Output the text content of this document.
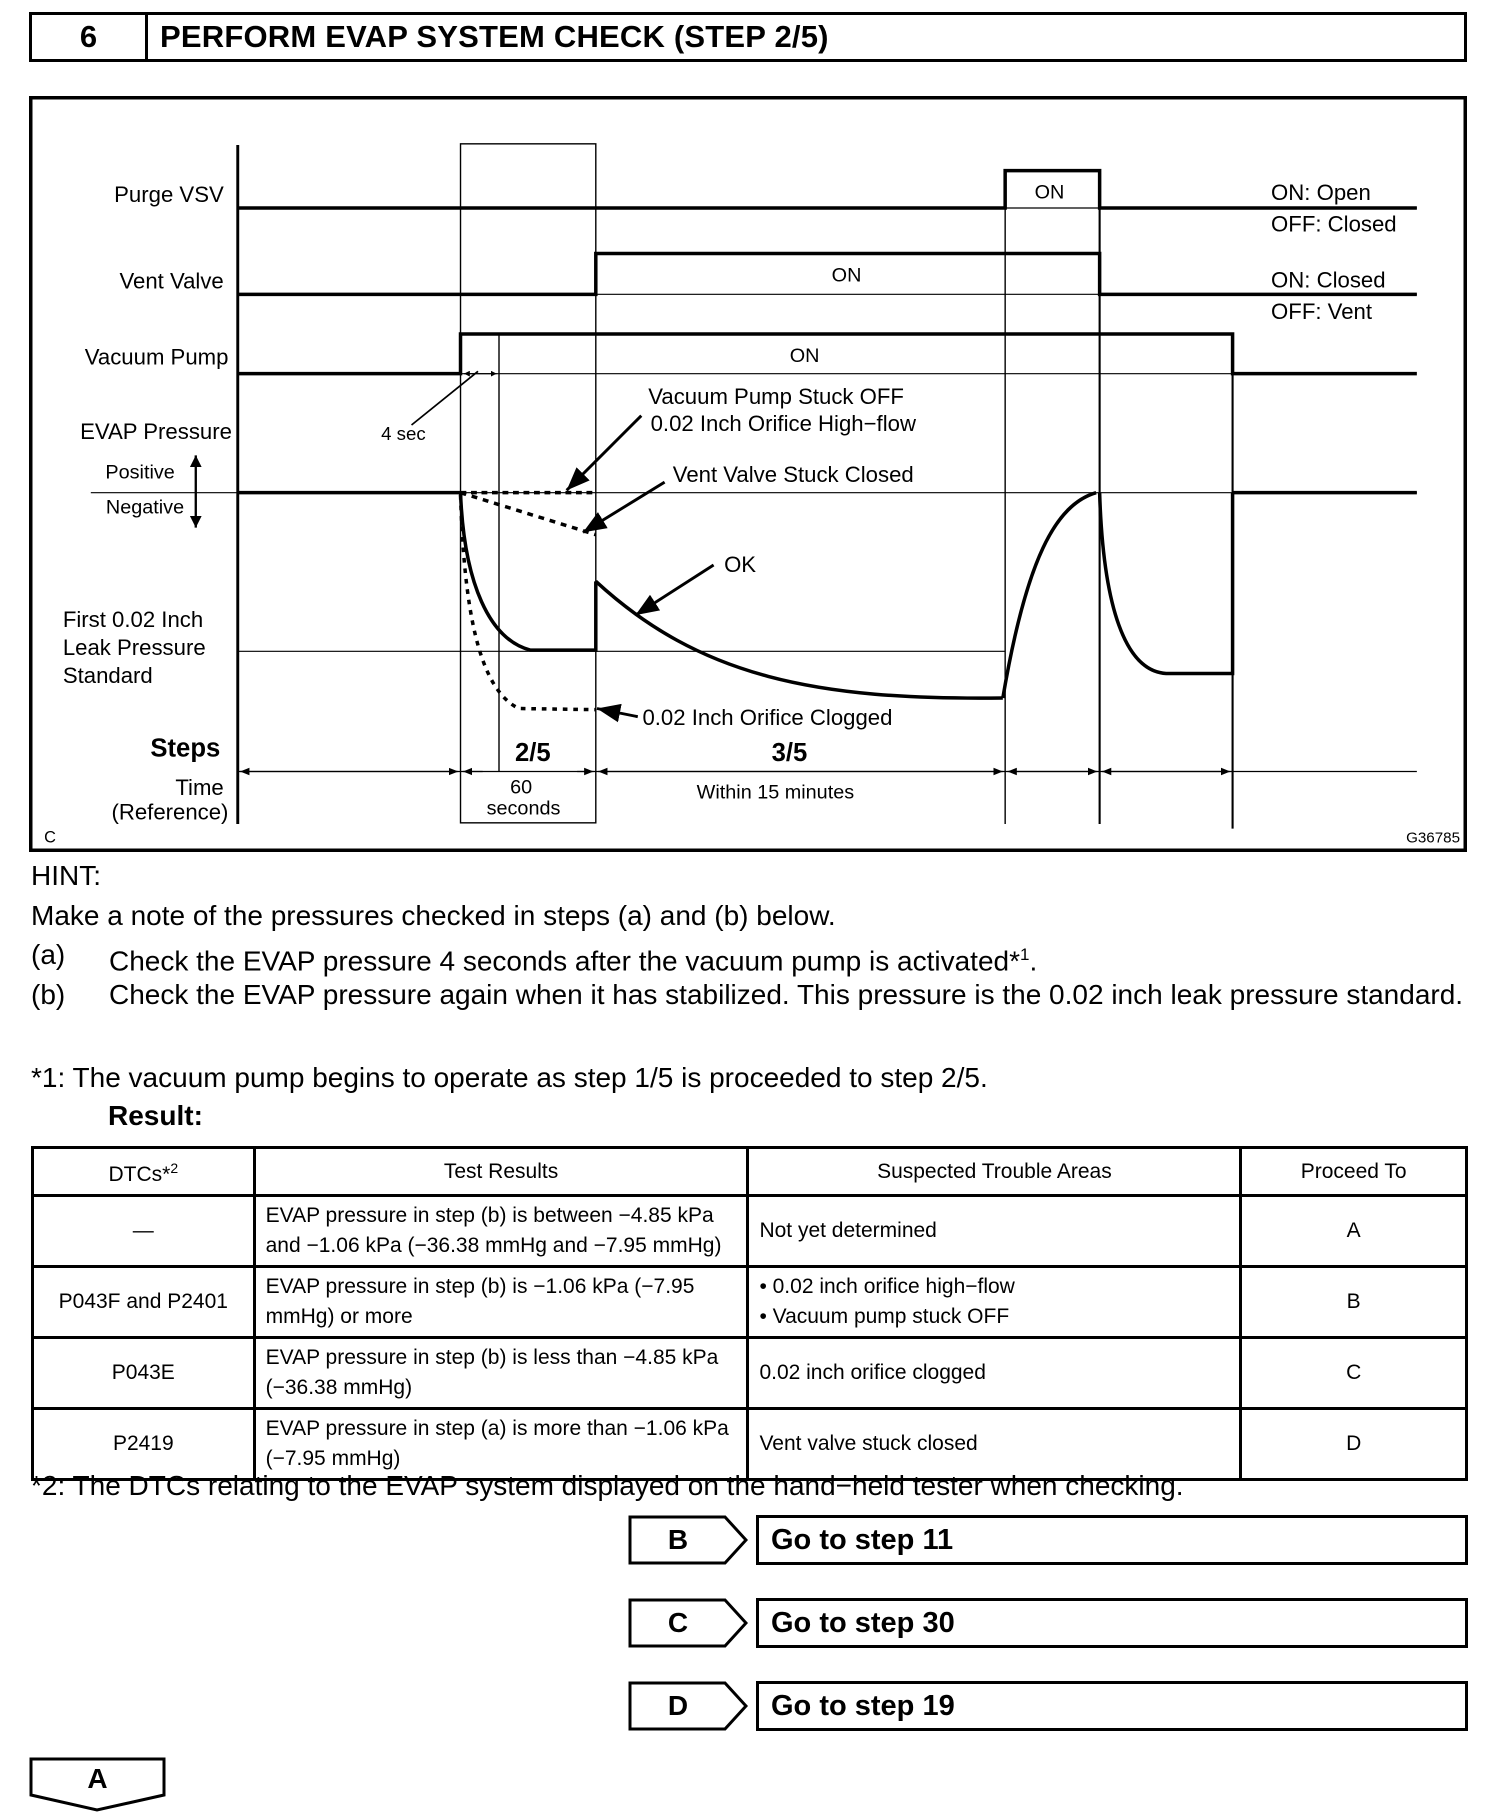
6	PERFORM EVAP SYSTEM CHECK (STEP 2/5)
ON
ON
ON
Purge VSV
Vent Valve
Vacuum Pump
EVAP Pressure
Positive
Negative
First 0.02 Inch
Leak Pressure
Standard
Steps
Time
(Reference)
ON: Open
OFF: Closed
ON: Closed
OFF: Vent
4 sec
Vacuum Pump Stuck OFF
0.02 Inch Orifice High−flow
Vent Valve Stuck Closed
OK
0.02 Inch Orifice Clogged
2/5
60
seconds
3/5
Within 15 minutes
C	G36785
HINT:
Make a note of the pressures checked in steps (a) and (b) below.
(a) Check the EVAP pressure 4 seconds after the vacuum pump is activated*$^1$.
(b) Check the EVAP pressure again when it has stabilized. This pressure is the 0.02 inch leak pressure standard.
*1: The vacuum pump begins to operate as step 1/5 is proceeded to step 2/5.
Result:
DTCs*$^2$	Test Results	Suspected Trouble Areas	Proceed To
—	EVAP pressure in step (b) is between −4.85 kPa and −1.06 kPa (−36.38 mmHg and −7.95 mmHg)	Not yet determined	A
P043F and P2401	EVAP pressure in step (b) is −1.06 kPa (−7.95 mmHg) or more	• 0.02 inch orifice high−flow
• Vacuum pump stuck OFF	B
P043E	EVAP pressure in step (b) is less than −4.85 kPa (−36.38 mmHg)	0.02 inch orifice clogged	C
P2419	EVAP pressure in step (a) is more than −1.06 kPa (−7.95 mmHg)	Vent valve stuck closed	D
*2: The DTCs relating to the EVAP system displayed on the hand−held tester when checking.
B	Go to step 11
C	Go to step 30
D	Go to step 19
A
